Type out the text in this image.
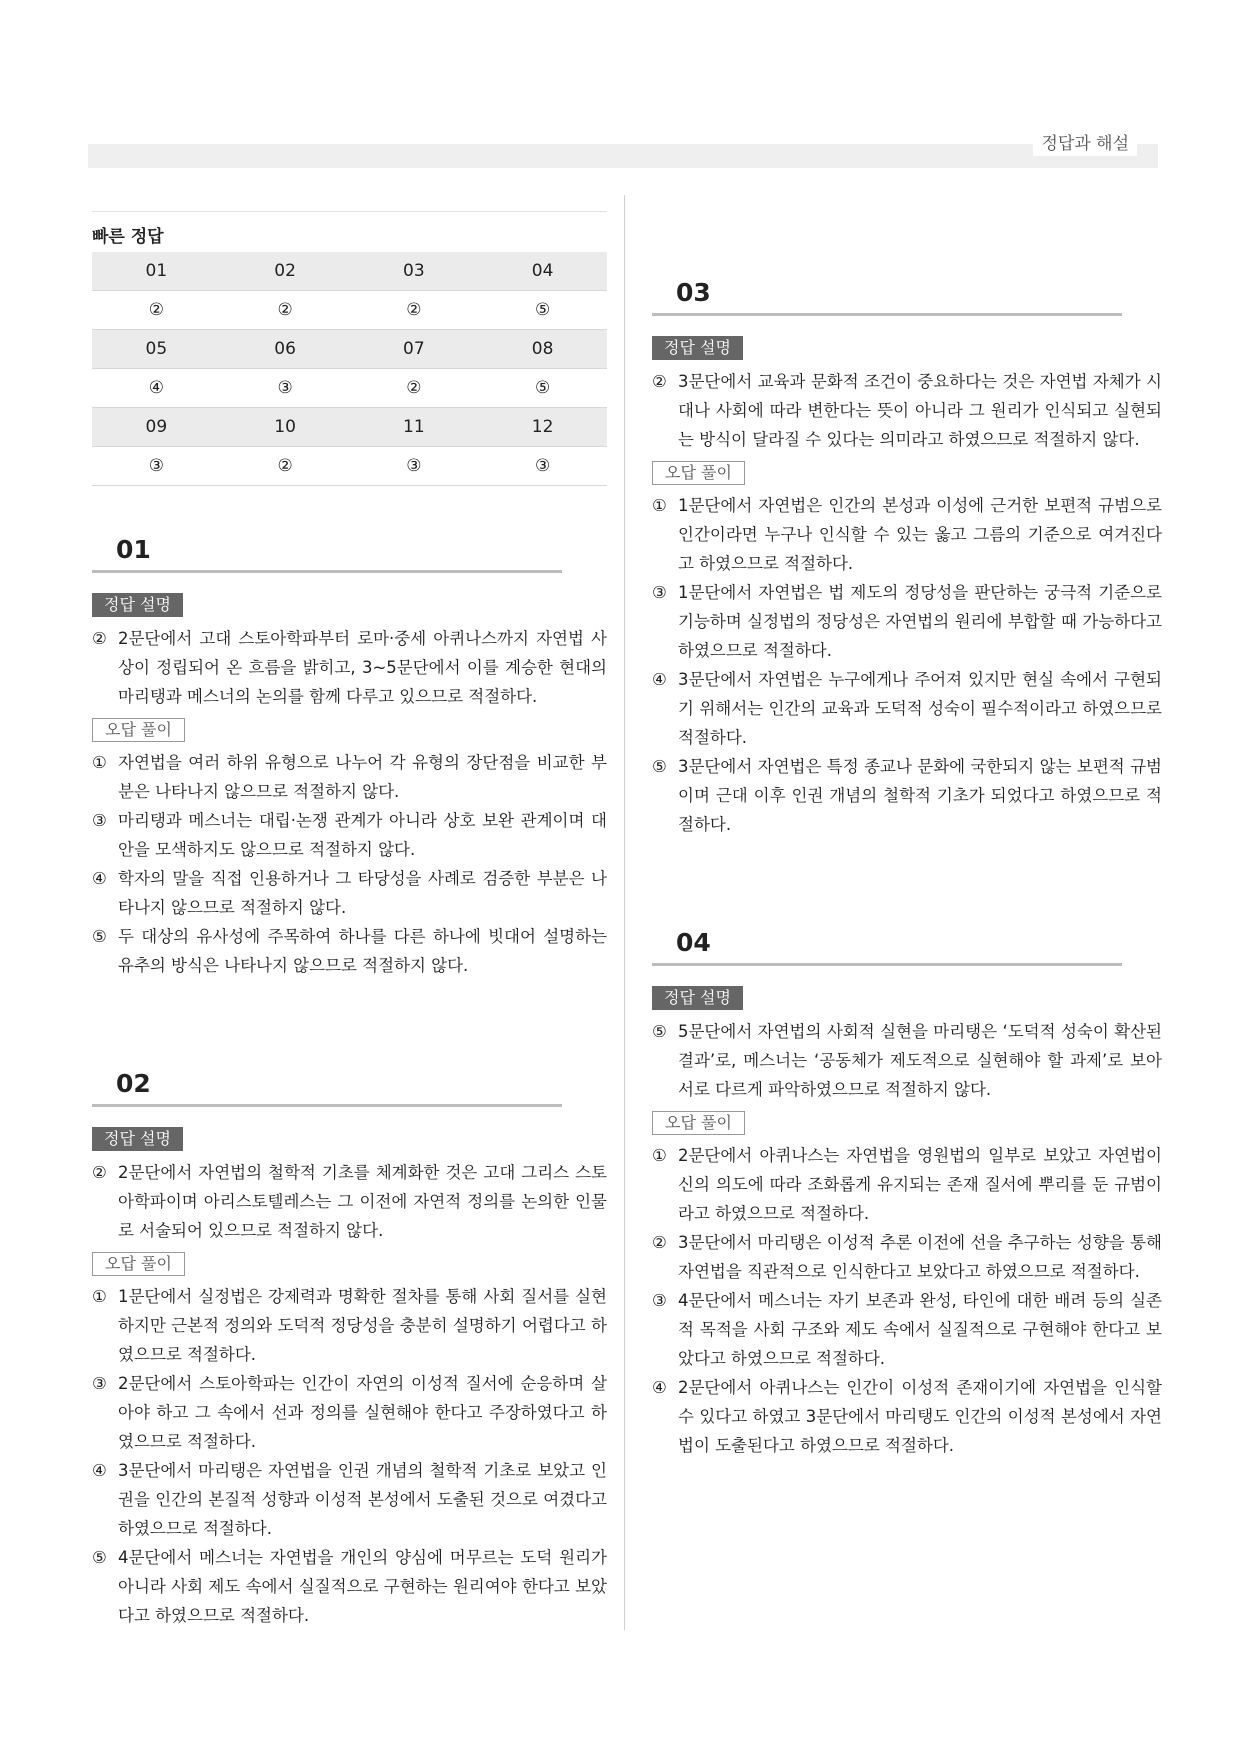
정답과 해설
빠른 정답
01	02	03	04
②	②	②	⑤
05	06	07	08
④	③	②	⑤
09	10	11	12
③	②	③	③
01
정답 설명
② 2문단에서 고대 스토아학파부터 로마·중세 아퀴나스까지 자연법 사상이 정립되어 온 흐름을 밝히고, 3~5문단에서 이를 계승한 현대의 마리탱과 메스너의 논의를 함께 다루고 있으므로 적절하다.
오답 풀이
① 자연법을 여러 하위 유형으로 나누어 각 유형의 장단점을 비교한 부분은 나타나지 않으므로 적절하지 않다.
③ 마리탱과 메스너는 대립·논쟁 관계가 아니라 상호 보완 관계이며 대안을 모색하지도 않으므로 적절하지 않다.
④ 학자의 말을 직접 인용하거나 그 타당성을 사례로 검증한 부분은 나타나지 않으므로 적절하지 않다.
⑤ 두 대상의 유사성에 주목하여 하나를 다른 하나에 빗대어 설명하는 유추의 방식은 나타나지 않으므로 적절하지 않다.
02
정답 설명
② 2문단에서 자연법의 철학적 기초를 체계화한 것은 고대 그리스 스토아학파이며 아리스토텔레스는 그 이전에 자연적 정의를 논의한 인물로 서술되어 있으므로 적절하지 않다.
오답 풀이
① 1문단에서 실정법은 강제력과 명확한 절차를 통해 사회 질서를 실현하지만 근본적 정의와 도덕적 정당성을 충분히 설명하기 어렵다고 하였으므로 적절하다.
③ 2문단에서 스토아학파는 인간이 자연의 이성적 질서에 순응하며 살아야 하고 그 속에서 선과 정의를 실현해야 한다고 주장하였다고 하였으므로 적절하다.
④ 3문단에서 마리탱은 자연법을 인권 개념의 철학적 기초로 보았고 인권을 인간의 본질적 성향과 이성적 본성에서 도출된 것으로 여겼다고 하였으므로 적절하다.
⑤ 4문단에서 메스너는 자연법을 개인의 양심에 머무르는 도덕 원리가 아니라 사회 제도 속에서 실질적으로 구현하는 원리여야 한다고 보았다고 하였으므로 적절하다.
03
정답 설명
② 3문단에서 교육과 문화적 조건이 중요하다는 것은 자연법 자체가 시대나 사회에 따라 변한다는 뜻이 아니라 그 원리가 인식되고 실현되는 방식이 달라질 수 있다는 의미라고 하였으므로 적절하지 않다.
오답 풀이
① 1문단에서 자연법은 인간의 본성과 이성에 근거한 보편적 규범으로 인간이라면 누구나 인식할 수 있는 옳고 그름의 기준으로 여겨진다고 하였으므로 적절하다.
③ 1문단에서 자연법은 법 제도의 정당성을 판단하는 궁극적 기준으로 기능하며 실정법의 정당성은 자연법의 원리에 부합할 때 가능하다고 하였으므로 적절하다.
④ 3문단에서 자연법은 누구에게나 주어져 있지만 현실 속에서 구현되기 위해서는 인간의 교육과 도덕적 성숙이 필수적이라고 하였으므로 적절하다.
⑤ 3문단에서 자연법은 특정 종교나 문화에 국한되지 않는 보편적 규범이며 근대 이후 인권 개념의 철학적 기초가 되었다고 하였으므로 적절하다.
04
정답 설명
⑤ 5문단에서 자연법의 사회적 실현을 마리탱은 ‘도덕적 성숙이 확산된 결과’로, 메스너는 ‘공동체가 제도적으로 실현해야 할 과제’로 보아 서로 다르게 파악하였으므로 적절하지 않다.
오답 풀이
① 2문단에서 아퀴나스는 자연법을 영원법의 일부로 보았고 자연법이 신의 의도에 따라 조화롭게 유지되는 존재 질서에 뿌리를 둔 규범이라고 하였으므로 적절하다.
② 3문단에서 마리탱은 이성적 추론 이전에 선을 추구하는 성향을 통해 자연법을 직관적으로 인식한다고 보았다고 하였으므로 적절하다.
③ 4문단에서 메스너는 자기 보존과 완성, 타인에 대한 배려 등의 실존적 목적을 사회 구조와 제도 속에서 실질적으로 구현해야 한다고 보았다고 하였으므로 적절하다.
④ 2문단에서 아퀴나스는 인간이 이성적 존재이기에 자연법을 인식할 수 있다고 하였고 3문단에서 마리탱도 인간의 이성적 본성에서 자연법이 도출된다고 하였으므로 적절하다.
